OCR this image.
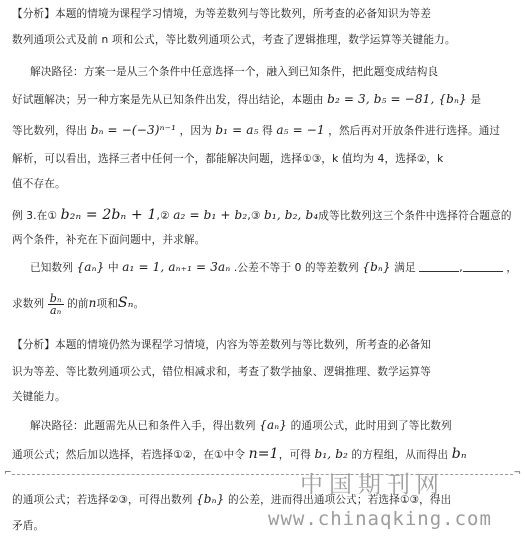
【分析】本题的情境为课程学习情境，为等差数列与等比数列，所考查的必备知识为等差
数列通项公式及前 n 项和公式，等比数列通项公式，考查了逻辑推理，数学运算等关键能力。
解决路径：方案一是从三个条件中任意选择一个，融入到已知条件，把此题变成结构良
好试题解决；另一种方案是先从已知条件出发，得出结论，本题由 b₂ = 3, b₅ = −81, {bₙ} 是
等比数列，得出 bₙ = −(−3)ⁿ⁻¹ ，因为 b₁ = a₅ 得 a₅ = −1 ，然后再对开放条件进行选择。通过
解析，可以看出，选择三者中任何一个，都能解决问题，选择①③，k 值均为 4，选择②，k
值不存在。
例 3.在① b₂ₙ = 2bₙ + 1,② a₂ = b₁ + b₂,③ b₁, b₂, b₄成等比数列这三个条件中选择符合题意的
两个条件，补充在下面问题中，并求解。
已知数列 {aₙ} 中 a₁ = 1, aₙ₊₁ = 3aₙ .公差不等于 0 的等差数列 {bₙ} 满足	,	，
求数列 $\frac{\text{bₙ}}{\text{aₙ}}$ 的前n项和Sₙ。
【分析】本题的情境仍然为课程学习情境，内容为等差数列与等比数列，所考查的必备知
识为等差、等比数列通项公式，错位相减求和，考查了数学抽象、逻辑推理、数学运算等
关键能力。
解决路径：此题需先从已和条件入手，得出数列 {aₙ} 的通项公式，此时用到了等比数列
通项公式；然后加以选择，若选择①②，在①中令 n=1，可得 b₁, b₂ 的方程组，从而得出 bₙ
⌐	¬
的通项公式；若选择②③，可得出数列 {bₙ} 的公差，进而得出通项公式；若选择①③，得出
矛盾。
中国期刊网
www.chinaqking.com
